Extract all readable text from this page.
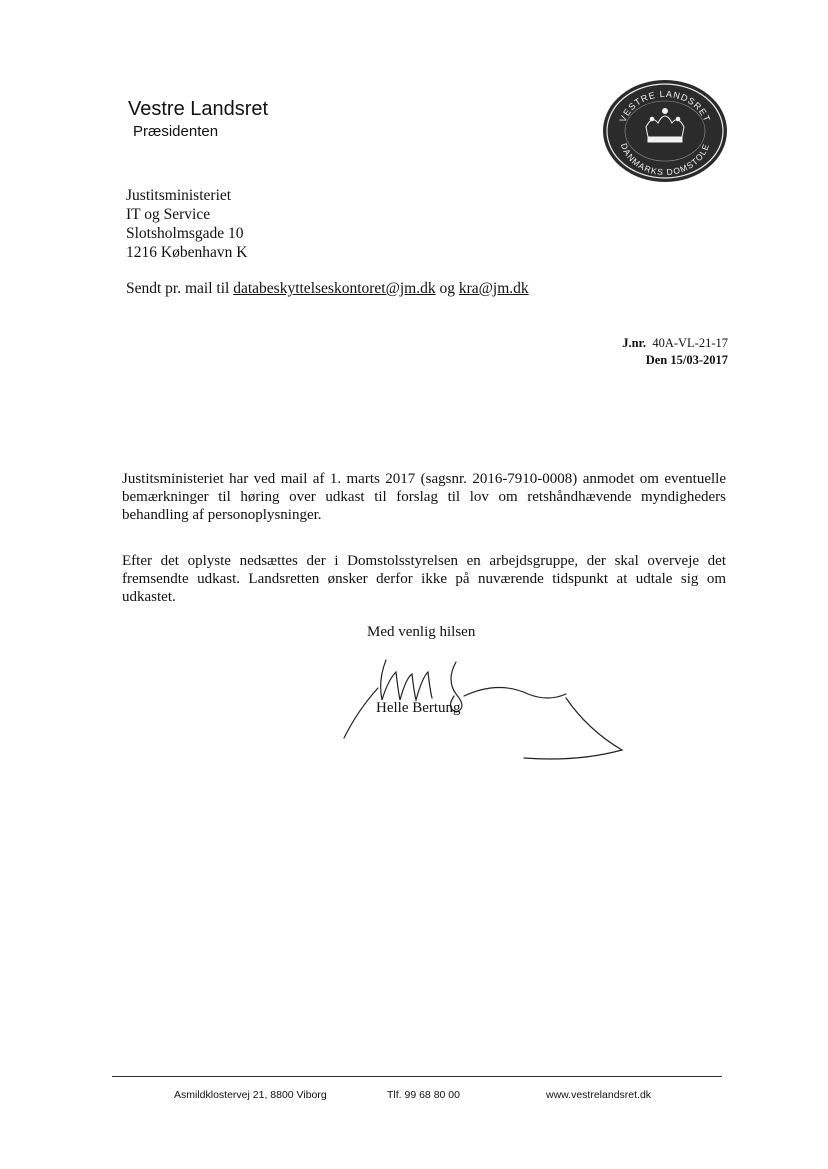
Vestre Landsret
Præsidenten
VESTRE LANDSRET
DANMARKS DOMSTOLE
Justitsministeriet
IT og Service
Slotsholmsgade 10
1216 København K
Sendt pr. mail til databeskyttelseskontoret@jm.dk og kra@jm.dk
J.nr. 40A-VL-21-17
Den 15/03-2017
Justitsministeriet har ved mail af 1. marts 2017 (sagsnr. 2016-7910-0008) anmodet om eventuelle bemærkninger til høring over udkast til forslag til lov om retshåndhævende myndigheders behandling af personoplysninger.
Efter det oplyste nedsættes der i Domstolsstyrelsen en arbejdsgruppe, der skal overveje det fremsendte udkast. Landsretten ønsker derfor ikke på nuværende tidspunkt at udtale sig om udkastet.
Med venlig hilsen
Helle Bertung
Asmildklostervej 21, 8800 Viborg	Tlf. 99 68 80 00	www.vestrelandsret.dk
